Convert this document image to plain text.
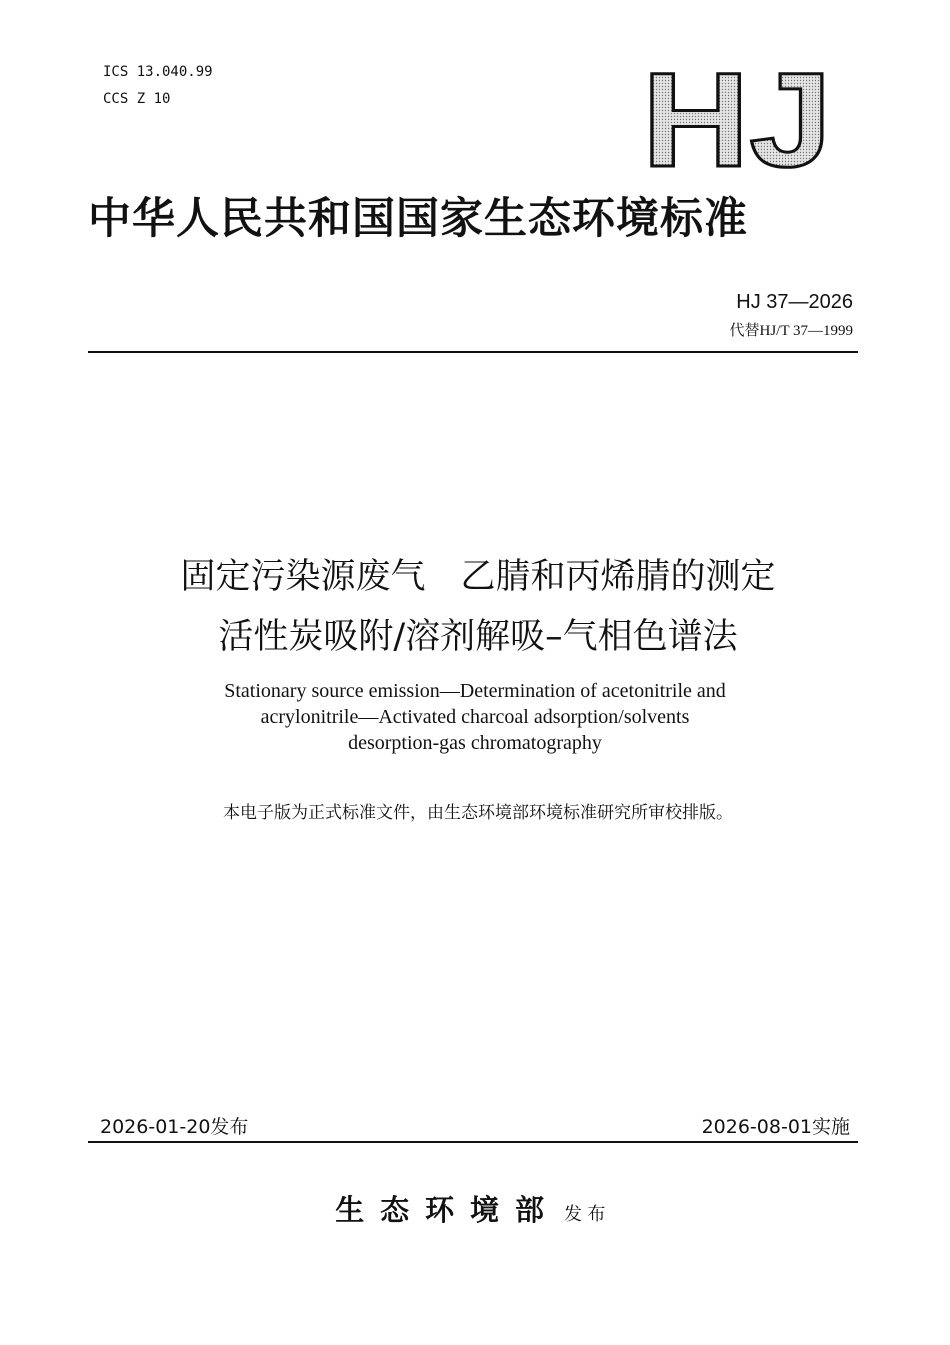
ICS 13.040.99
CCS Z 10	HJ
中华人民共和国国家生态环境标准
HJ 37—2026
代替HJ/T 37—1999
固定污染源废气　乙腈和丙烯腈的测定
活性炭吸附/溶剂解吸–气相色谱法
Stationary source emission—Determination of acetonitrile and
acrylonitrile—Activated charcoal adsorption/solvents
desorption-gas chromatography
本电子版为正式标准文件，由生态环境部环境标准研究所审校排版。
2026-01-20发布	2026-08-01实施
生态环境部 发布
